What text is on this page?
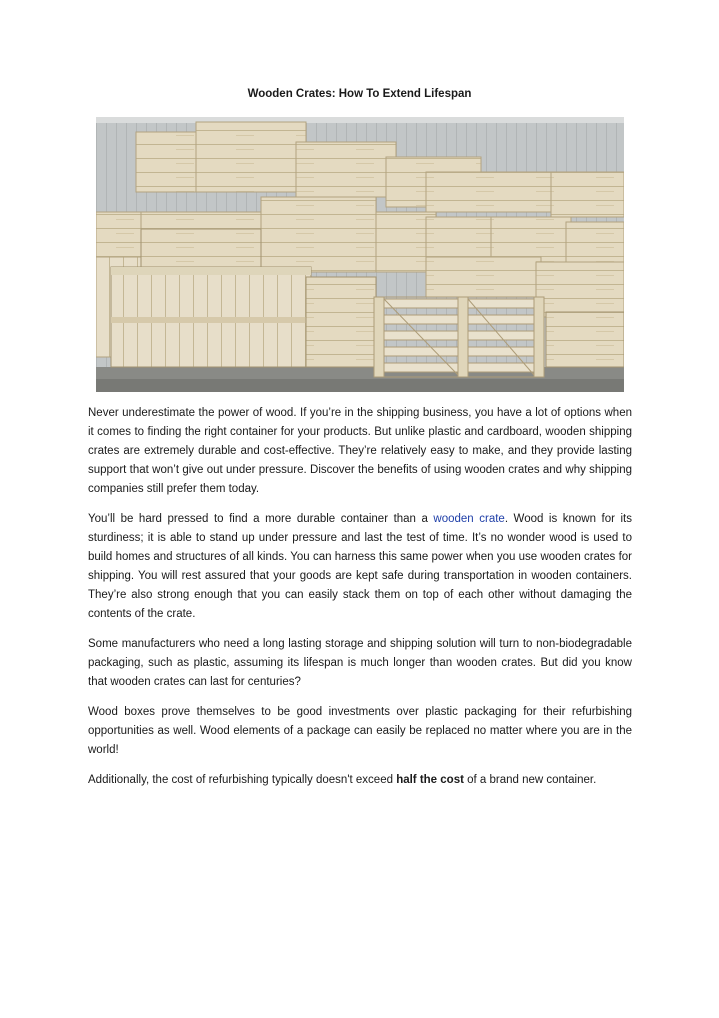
Wooden Crates: How To Extend Lifespan

Never underestimate the power of wood. If you’re in the shipping business, you have a lot of options when it comes to finding the right container for your products. But unlike plastic and cardboard, wooden shipping crates are extremely durable and cost-effective. They’re relatively easy to make, and they provide lasting support that won’t give out under pressure. Discover the benefits of using wooden crates and why shipping companies still prefer them today.

You’ll be hard pressed to find a more durable container than a wooden crate. Wood is known for its sturdiness; it is able to stand up under pressure and last the test of time. It’s no wonder wood is used to build homes and structures of all kinds. You can harness this same power when you use wooden crates for shipping. You will rest assured that your goods are kept safe during transportation in wooden containers. They’re also strong enough that you can easily stack them on top of each other without damaging the contents of the crate.

Some manufacturers who need a long lasting storage and shipping solution will turn to non-biodegradable packaging, such as plastic, assuming its lifespan is much longer than wooden crates. But did you know that wooden crates can last for centuries?

Wood boxes prove themselves to be good investments over plastic packaging for their refurbishing opportunities as well. Wood elements of a package can easily be replaced no matter where you are in the world!

Additionally, the cost of refurbishing typically doesn't exceed half the cost of a brand new container.
